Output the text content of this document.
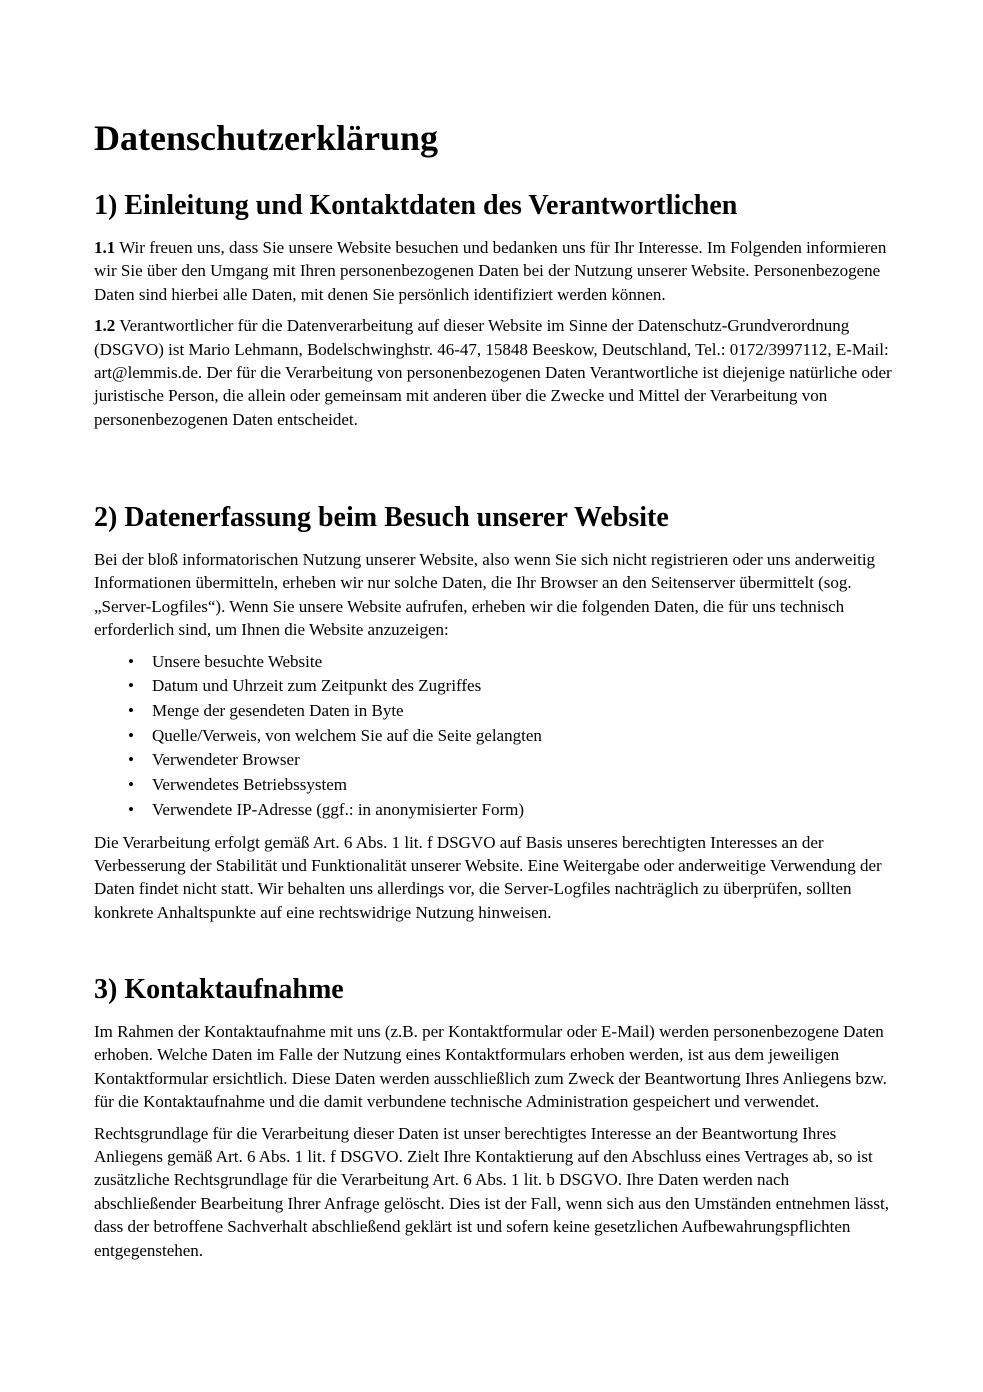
Datenschutzerklärung
1) Einleitung und Kontaktdaten des Verantwortlichen

1.1 Wir freuen uns, dass Sie unsere Website besuchen und bedanken uns für Ihr Interesse. Im Folgenden informieren wir Sie über den Umgang mit Ihren personenbezogenen Daten bei der Nutzung unserer Website. Personenbezogene Daten sind hierbei alle Daten, mit denen Sie persönlich identifiziert werden können.

1.2 Verantwortlicher für die Datenverarbeitung auf dieser Website im Sinne der Datenschutz-Grundverordnung (DSGVO) ist Mario Lehmann, Bodelschwinghstr. 46-47, 15848 Beeskow, Deutschland, Tel.: 0172/3997112, E-Mail: art@lemmis.de. Der für die Verarbeitung von personenbezogenen Daten Verantwortliche ist diejenige natürliche oder juristische Person, die allein oder gemeinsam mit anderen über die Zwecke und Mittel der Verarbeitung von personenbezogenen Daten entscheidet.

2) Datenerfassung beim Besuch unserer Website

Bei der bloß informatorischen Nutzung unserer Website, also wenn Sie sich nicht registrieren oder uns anderweitig Informationen übermitteln, erheben wir nur solche Daten, die Ihr Browser an den Seitenserver übermittelt (sog. „Server-Logfiles“). Wenn Sie unsere Website aufrufen, erheben wir die folgenden Daten, die für uns technisch erforderlich sind, um Ihnen die Website anzuzeigen:

• Unsere besuchte Website
• Datum und Uhrzeit zum Zeitpunkt des Zugriffes
• Menge der gesendeten Daten in Byte
• Quelle/Verweis, von welchem Sie auf die Seite gelangten
• Verwendeter Browser
• Verwendetes Betriebssystem
• Verwendete IP-Adresse (ggf.: in anonymisierter Form)

Die Verarbeitung erfolgt gemäß Art. 6 Abs. 1 lit. f DSGVO auf Basis unseres berechtigten Interesses an der Verbesserung der Stabilität und Funktionalität unserer Website. Eine Weitergabe oder anderweitige Verwendung der Daten findet nicht statt. Wir behalten uns allerdings vor, die Server-Logfiles nachträglich zu überprüfen, sollten konkrete Anhaltspunkte auf eine rechtswidrige Nutzung hinweisen.

3) Kontaktaufnahme

Im Rahmen der Kontaktaufnahme mit uns (z.B. per Kontaktformular oder E-Mail) werden personenbezogene Daten erhoben. Welche Daten im Falle der Nutzung eines Kontaktformulars erhoben werden, ist aus dem jeweiligen Kontaktformular ersichtlich. Diese Daten werden ausschließlich zum Zweck der Beantwortung Ihres Anliegens bzw. für die Kontaktaufnahme und die damit verbundene technische Administration gespeichert und verwendet.

Rechtsgrundlage für die Verarbeitung dieser Daten ist unser berechtigtes Interesse an der Beantwortung Ihres Anliegens gemäß Art. 6 Abs. 1 lit. f DSGVO. Zielt Ihre Kontaktierung auf den Abschluss eines Vertrages ab, so ist zusätzliche Rechtsgrundlage für die Verarbeitung Art. 6 Abs. 1 lit. b DSGVO. Ihre Daten werden nach abschließender Bearbeitung Ihrer Anfrage gelöscht. Dies ist der Fall, wenn sich aus den Umständen entnehmen lässt, dass der betroffene Sachverhalt abschließend geklärt ist und sofern keine gesetzlichen Aufbewahrungspflichten entgegenstehen.
